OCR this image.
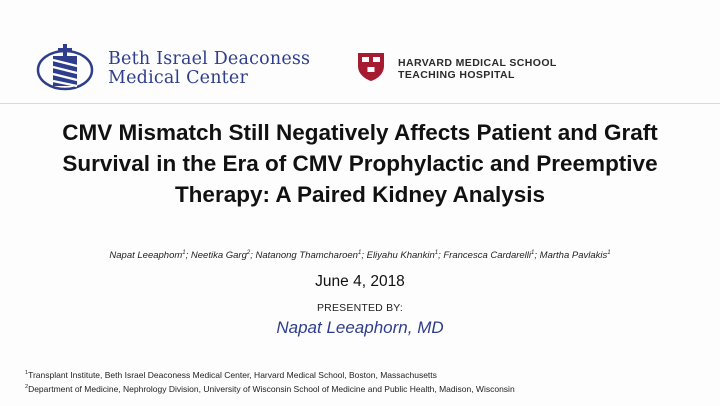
Beth Israel Deaconess
Medical Center
HARVARD MEDICAL SCHOOL
TEACHING HOSPITAL
CMV Mismatch Still Negatively Affects Patient and Graft Survival in the Era of CMV Prophylactic and Preemptive Therapy: A Paired Kidney Analysis
Napat Leeaphom$^1$; Neetika Garg$^2$; Natanong Thamcharoen$^1$; Eliyahu Khankin$^1$; Francesca Cardarelli$^1$; Martha Pavlakis$^1$
June 4, 2018
PRESENTED BY:
Napat Leeaphorn, MD
$^1$Transplant Institute, Beth Israel Deaconess Medical Center, Harvard Medical School, Boston, Massachusetts
$^2$Department of Medicine, Nephrology Division, University of Wisconsin School of Medicine and Public Health, Madison, Wisconsin
